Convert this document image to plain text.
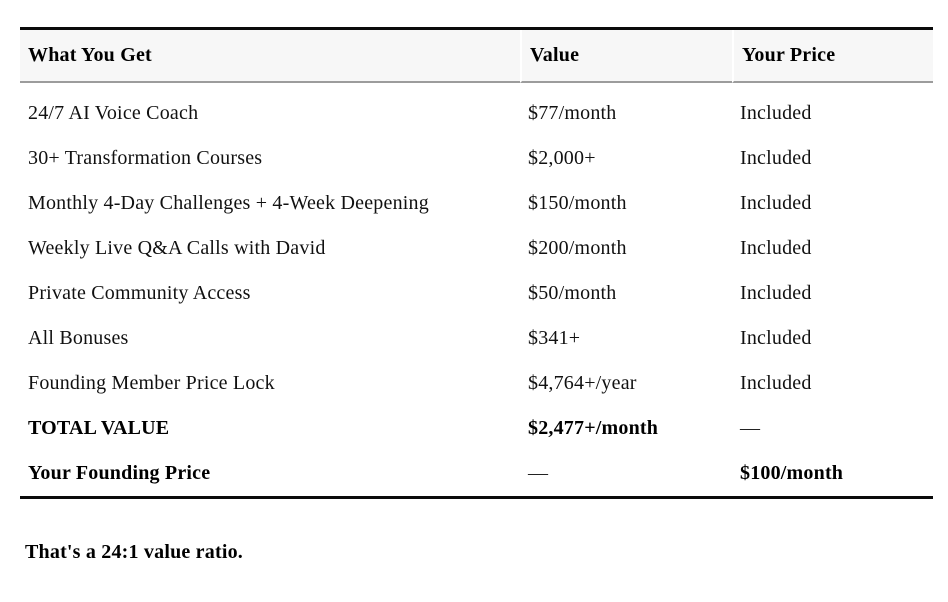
What You Get	Value	Your Price
24/7 AI Voice Coach	$77/month	Included
30+ Transformation Courses	$2,000+	Included
Monthly 4-Day Challenges + 4-Week Deepening	$150/month	Included
Weekly Live Q&A Calls with David	$200/month	Included
Private Community Access	$50/month	Included
All Bonuses	$341+	Included
Founding Member Price Lock	$4,764+/year	Included
TOTAL VALUE	$2,477+/month	—
Your Founding Price	—	$100/month

That's a 24:1 value ratio.
